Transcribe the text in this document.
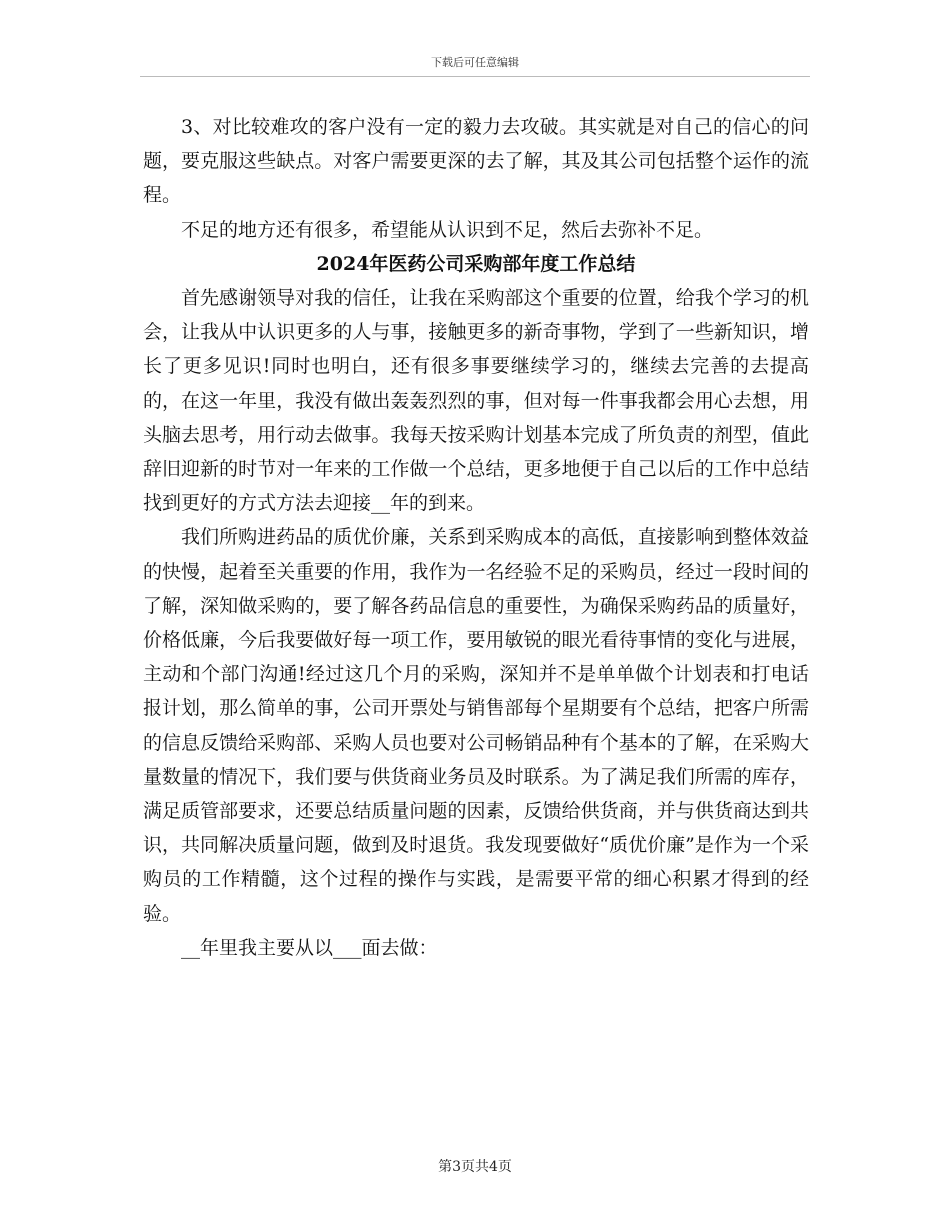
下载后可任意编辑

3、对比较难攻的客户没有一定的毅力去攻破。其实就是对自己的信心的问题，要克服这些缺点。对客户需要更深的去了解，其及其公司包括整个运作的流程。

不足的地方还有很多，希望能从认识到不足，然后去弥补不足。

2024年医药公司采购部年度工作总结

首先感谢领导对我的信任，让我在采购部这个重要的位置，给我个学习的机会，让我从中认识更多的人与事，接触更多的新奇事物，学到了一些新知识，增长了更多见识!同时也明白，还有很多事要继续学习的，继续去完善的去提高的，在这一年里，我没有做出轰轰烈烈的事，但对每一件事我都会用心去想，用头脑去思考，用行动去做事。我每天按采购计划基本完成了所负责的剂型，值此辞旧迎新的时节对一年来的工作做一个总结，更多地便于自己以后的工作中总结找到更好的方式方法去迎接__年的到来。

我们所购进药品的质优价廉，关系到采购成本的高低，直接影响到整体效益的快慢，起着至关重要的作用，我作为一名经验不足的采购员，经过一段时间的了解，深知做采购的，要了解各药品信息的重要性，为确保采购药品的质量好，价格低廉，今后我要做好每一项工作，要用敏锐的眼光看待事情的变化与进展，主动和个部门沟通!经过这几个月的采购，深知并不是单单做个计划表和打电话报计划，那么简单的事，公司开票处与销售部每个星期要有个总结，把客户所需的信息反馈给采购部、采购人员也要对公司畅销品种有个基本的了解，在采购大量数量的情况下，我们要与供货商业务员及时联系。为了满足我们所需的库存，满足质管部要求，还要总结质量问题的因素，反馈给供货商，并与供货商达到共识，共同解决质量问题，做到及时退货。我发现要做好“质优价廉”是作为一个采购员的工作精髓，这个过程的操作与实践，是需要平常的细心积累才得到的经验。

__年里我主要从以___面去做：

第3页共4页
